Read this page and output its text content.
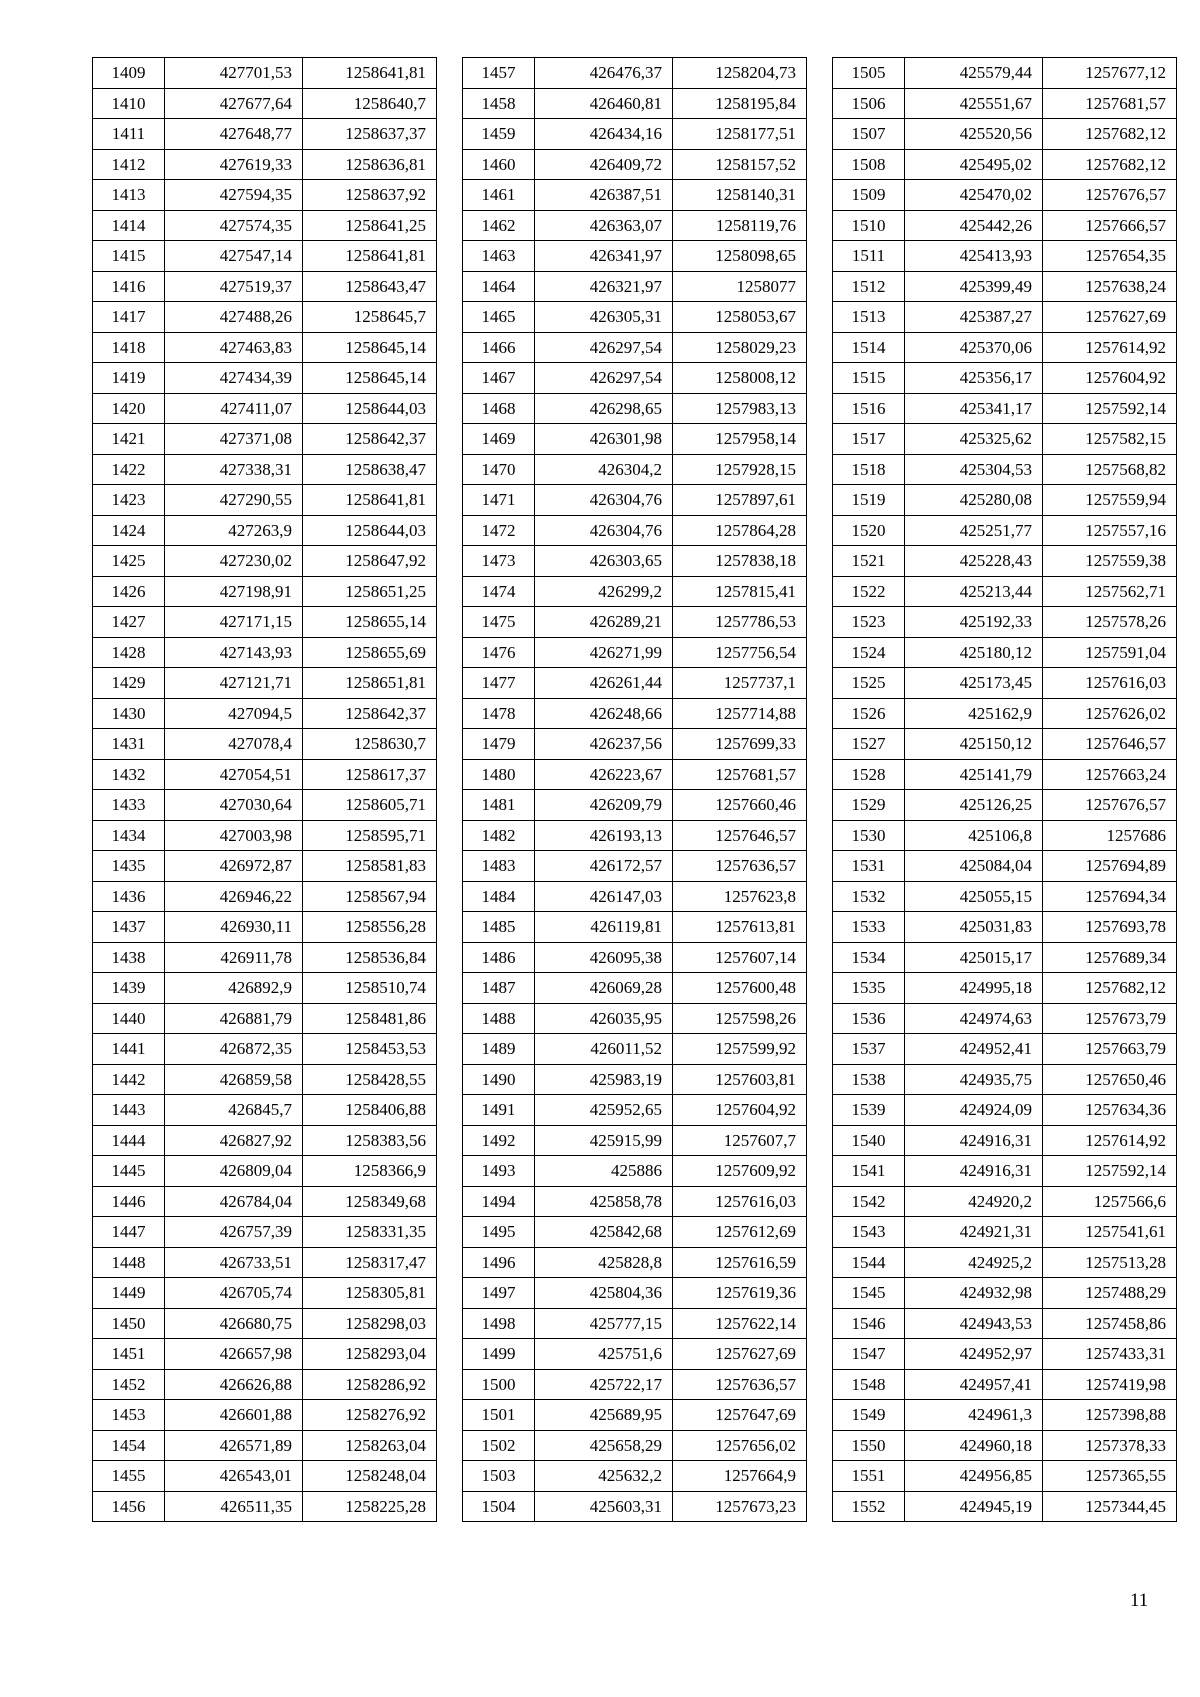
1409	427701,53	1258641,81
1410	427677,64	1258640,7
1411	427648,77	1258637,37
1412	427619,33	1258636,81
1413	427594,35	1258637,92
1414	427574,35	1258641,25
1415	427547,14	1258641,81
1416	427519,37	1258643,47
1417	427488,26	1258645,7
1418	427463,83	1258645,14
1419	427434,39	1258645,14
1420	427411,07	1258644,03
1421	427371,08	1258642,37
1422	427338,31	1258638,47
1423	427290,55	1258641,81
1424	427263,9	1258644,03
1425	427230,02	1258647,92
1426	427198,91	1258651,25
1427	427171,15	1258655,14
1428	427143,93	1258655,69
1429	427121,71	1258651,81
1430	427094,5	1258642,37
1431	427078,4	1258630,7
1432	427054,51	1258617,37
1433	427030,64	1258605,71
1434	427003,98	1258595,71
1435	426972,87	1258581,83
1436	426946,22	1258567,94
1437	426930,11	1258556,28
1438	426911,78	1258536,84
1439	426892,9	1258510,74
1440	426881,79	1258481,86
1441	426872,35	1258453,53
1442	426859,58	1258428,55
1443	426845,7	1258406,88
1444	426827,92	1258383,56
1445	426809,04	1258366,9
1446	426784,04	1258349,68
1447	426757,39	1258331,35
1448	426733,51	1258317,47
1449	426705,74	1258305,81
1450	426680,75	1258298,03
1451	426657,98	1258293,04
1452	426626,88	1258286,92
1453	426601,88	1258276,92
1454	426571,89	1258263,04
1455	426543,01	1258248,04
1456	426511,35	1258225,28
1457	426476,37	1258204,73
1458	426460,81	1258195,84
1459	426434,16	1258177,51
1460	426409,72	1258157,52
1461	426387,51	1258140,31
1462	426363,07	1258119,76
1463	426341,97	1258098,65
1464	426321,97	1258077
1465	426305,31	1258053,67
1466	426297,54	1258029,23
1467	426297,54	1258008,12
1468	426298,65	1257983,13
1469	426301,98	1257958,14
1470	426304,2	1257928,15
1471	426304,76	1257897,61
1472	426304,76	1257864,28
1473	426303,65	1257838,18
1474	426299,2	1257815,41
1475	426289,21	1257786,53
1476	426271,99	1257756,54
1477	426261,44	1257737,1
1478	426248,66	1257714,88
1479	426237,56	1257699,33
1480	426223,67	1257681,57
1481	426209,79	1257660,46
1482	426193,13	1257646,57
1483	426172,57	1257636,57
1484	426147,03	1257623,8
1485	426119,81	1257613,81
1486	426095,38	1257607,14
1487	426069,28	1257600,48
1488	426035,95	1257598,26
1489	426011,52	1257599,92
1490	425983,19	1257603,81
1491	425952,65	1257604,92
1492	425915,99	1257607,7
1493	425886	1257609,92
1494	425858,78	1257616,03
1495	425842,68	1257612,69
1496	425828,8	1257616,59
1497	425804,36	1257619,36
1498	425777,15	1257622,14
1499	425751,6	1257627,69
1500	425722,17	1257636,57
1501	425689,95	1257647,69
1502	425658,29	1257656,02
1503	425632,2	1257664,9
1504	425603,31	1257673,23
1505	425579,44	1257677,12
1506	425551,67	1257681,57
1507	425520,56	1257682,12
1508	425495,02	1257682,12
1509	425470,02	1257676,57
1510	425442,26	1257666,57
1511	425413,93	1257654,35
1512	425399,49	1257638,24
1513	425387,27	1257627,69
1514	425370,06	1257614,92
1515	425356,17	1257604,92
1516	425341,17	1257592,14
1517	425325,62	1257582,15
1518	425304,53	1257568,82
1519	425280,08	1257559,94
1520	425251,77	1257557,16
1521	425228,43	1257559,38
1522	425213,44	1257562,71
1523	425192,33	1257578,26
1524	425180,12	1257591,04
1525	425173,45	1257616,03
1526	425162,9	1257626,02
1527	425150,12	1257646,57
1528	425141,79	1257663,24
1529	425126,25	1257676,57
1530	425106,8	1257686
1531	425084,04	1257694,89
1532	425055,15	1257694,34
1533	425031,83	1257693,78
1534	425015,17	1257689,34
1535	424995,18	1257682,12
1536	424974,63	1257673,79
1537	424952,41	1257663,79
1538	424935,75	1257650,46
1539	424924,09	1257634,36
1540	424916,31	1257614,92
1541	424916,31	1257592,14
1542	424920,2	1257566,6
1543	424921,31	1257541,61
1544	424925,2	1257513,28
1545	424932,98	1257488,29
1546	424943,53	1257458,86
1547	424952,97	1257433,31
1548	424957,41	1257419,98
1549	424961,3	1257398,88
1550	424960,18	1257378,33
1551	424956,85	1257365,55
1552	424945,19	1257344,45
11
